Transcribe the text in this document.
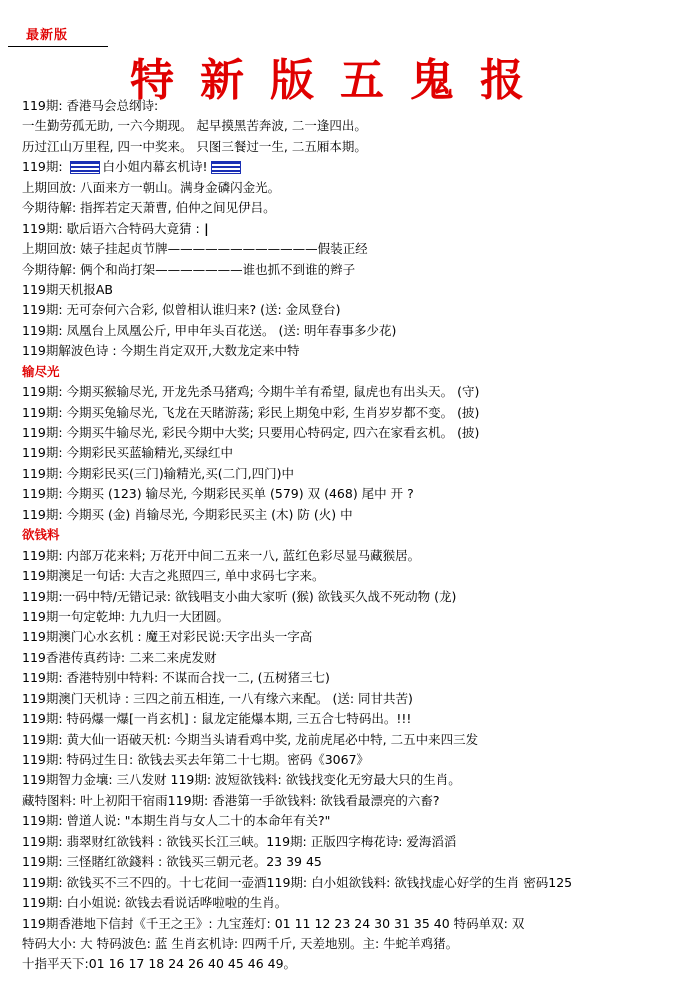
最新版
特新版五鬼报
119期: 香港马会总纲诗:
一生勤劳孤无助, 一六今期现。 起早摸黑苦奔波, 二一逢四出。
历过江山万里程, 四一中奖来。 只图三餐过一生, 二五厢本期。
119期:	白小姐内幕玄机诗!
上期回放: 八面来方一朝山。满身金磷闪金光。
今期待解: 指挥若定天萧曹, 伯仲之间见伊吕。
119期: 歇后语六合特码大竟猜 : |
上期回放: 婊子挂起贞节牌————————————假装正经
今期待解: 俩个和尚打架———————谁也抓不到谁的辫子
119期天机报AB
119期: 无可奈何六合彩, 似曾相认谁归来? (送: 金凤登台)
119期: 凤凰台上凤凰公斤, 甲申年头百花送。 (送: 明年春事多少花)
119期解波色诗 : 今期生肖定双开,大数龙定来中特
输尽光
119期: 今期买猴输尽光, 开龙先杀马猪鸡; 今期牛羊有希望, 鼠虎也有出头天。 (守)
119期: 今期买兔输尽光, 飞龙在天睹游荡; 彩民上期兔中彩, 生肖岁岁都不变。 (披)
119期: 今期买牛输尽光, 彩民今期中大奖; 只要用心特码定, 四六在家看玄机。 (披)
119期: 今期彩民买蓝输精光,买绿红中
119期: 今期彩民买(三门)输精光,买(二门,四门)中
119期: 今期买 (123) 输尽光, 今期彩民买单 (579) 双 (468) 尾中 开 ?
119期: 今期买 (金) 肖输尽光, 今期彩民买主 (木) 防 (火) 中
欲钱料
119期: 内部万花来料; 万花开中间二五来一八, 蓝红色彩尽显马藏猴居。
119期澳足一句话: 大吉之兆照四三, 单中求码七字来。
119期:一码中特/无错记录: 欲钱唱支小曲大家听 (猴) 欲钱买久战不死动物 (龙)
119期一句定乾坤: 九九归一大团圆。
119期澳门心水玄机 : 魔王对彩民说:天字出头一字高
119香港传真药诗: 二来二来虎发财
119期: 香港特别中特料: 不谋而合找一二, (五树猪三七)
119期澳门天机诗 : 三四之前五相连, 一八有缘六来配。 (送: 同甘共苦)
119期: 特码爆一爆[一肖玄机] : 鼠龙定能爆本期, 三五合七特码出。!!!
119期: 黄大仙一语破天机: 今期当头请看鸡中奖, 龙前虎尾必中特, 二五中来四三发
119期: 特码过生日: 欲钱去买去年第二十七期。密码《3067》
119期智力金壤: 三八发财 119期: 波短欲钱料: 欲钱找变化无穷最大只的生肖。
藏特图料: 叶上初阳干宿雨119期: 香港第一手欲钱料: 欲钱看最漂亮的六畜?
119期: 曾道人说: "本期生肖与女人二十的本命年有关?"
119期: 翡翠财红欲钱料 : 欲钱买长江三峡。119期: 正版四字梅花诗: 爱海滔滔
119期: 三怪賭红欲錢料 : 欲钱买三朝元老。23 39 45
119期: 欲钱买不三不四的。十七花间一壶酒119期: 白小姐欲钱料: 欲钱找虚心好学的生肖 密码125
119期: 白小姐说: 欲钱去看说话哗啦啦的生肖。
119期香港地下信封《千王之王》: 九宝莲灯: 01 11 12 23 24 30 31 35 40 特码单双: 双
特码大小: 大 特码波色: 蓝 生肖玄机诗: 四两千斤, 天差地别。主: 牛蛇羊鸡猪。
十指平天下:01 16 17 18 24 26 40 45 46 49。
